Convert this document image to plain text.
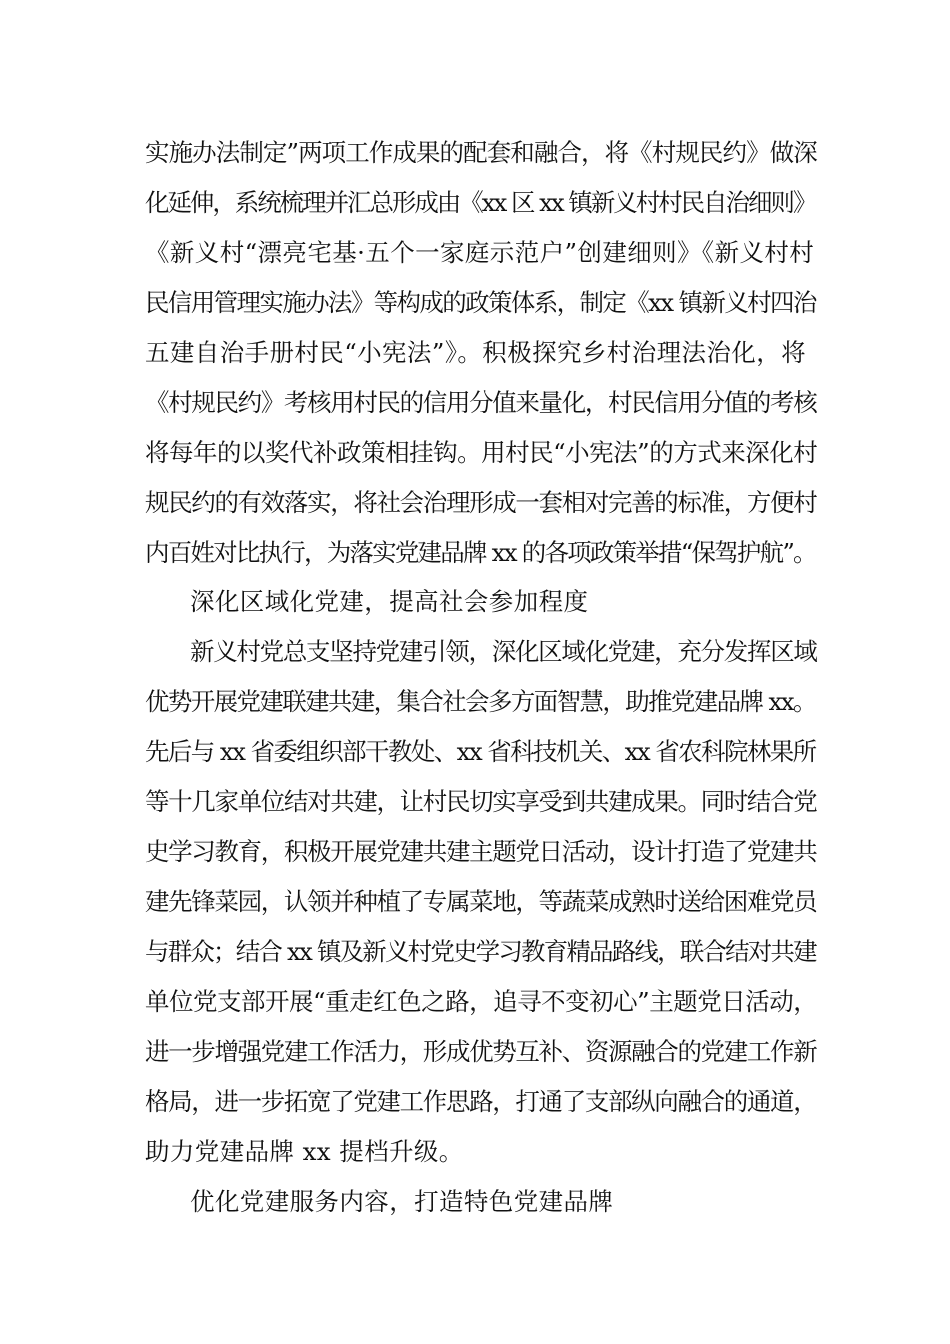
实施办法制定”两项工作成果的配套和融合，将《村规民约》做深
化延伸，系统梳理并汇总形成由《xx 区 xx 镇新义村村民自治细则》
《新义村“漂亮宅基·五个一家庭示范户”创建细则》《新义村村
民信用管理实施办法》等构成的政策体系，制定《xx 镇新义村四治
五建自治手册村民“小宪法”》。积极探究乡村治理法治化，将
《村规民约》考核用村民的信用分值来量化，村民信用分值的考核
将每年的以奖代补政策相挂钩。用村民“小宪法”的方式来深化村
规民约的有效落实，将社会治理形成一套相对完善的标准，方便村
内百姓对比执行，为落实党建品牌 xx 的各项政策举措“保驾护航”。
深化区域化党建，提高社会参加程度
新义村党总支坚持党建引领，深化区域化党建，充分发挥区域
优势开展党建联建共建，集合社会多方面智慧，助推党建品牌 xx。
先后与 xx 省委组织部干教处、xx 省科技机关、xx 省农科院林果所
等十几家单位结对共建，让村民切实享受到共建成果。同时结合党
史学习教育，积极开展党建共建主题党日活动，设计打造了党建共
建先锋菜园，认领并种植了专属菜地，等蔬菜成熟时送给困难党员
与群众；结合 xx 镇及新义村党史学习教育精品路线，联合结对共建
单位党支部开展“重走红色之路，追寻不变初心”主题党日活动，
进一步增强党建工作活力，形成优势互补、资源融合的党建工作新
格局，进一步拓宽了党建工作思路，打通了支部纵向融合的通道，
助力党建品牌 xx 提档升级。
优化党建服务内容，打造特色党建品牌
